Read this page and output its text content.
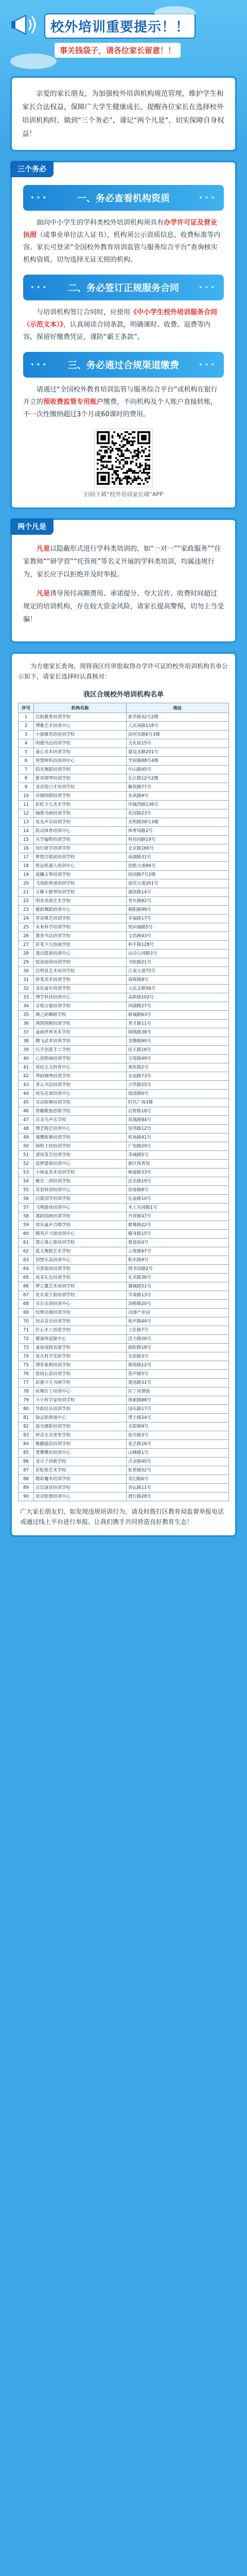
校外培训重要提示！！
事关钱袋子，请各位家长留意！！
亲爱的家长朋友，为加强校外培训机构规范管理，维护学生和家长合法权益，保障广大学生健康成长，提醒各位家长在选择校外培训机构时，做到“三个务必”，谨记“两个凡是”，切实保障自身权益！
三个务必
•••	一、务必查看机构资质	•••

面向中小学生的学科类校外培训机构须具有办学许可证及营业执照（或事业单位法人证书），机构须公示资质信息、收费标准等内容。家长可登录“全国校外教育培训监管与服务综合平台”查询核实机构资质，切勿选择无证无照的机构。

••• 二、务必签订正规服务合同	•••

与培训机构签订合同时，应使用《中小学生校外培训服务合同（示范文本）》，认真阅读合同条款，明确课时、收费、退费等内容，保留好缴费凭证，谨防“霸王条款”。

••• 三、务必通过合规渠道缴费	•••

请通过“全国校外教育培训监管与服务综合平台”或机构在银行开立的预收费监管专用账户缴费，不向机构及个人账户直接转账，不一次性缴纳超过3个月或60课时的费用。

扫码下载“校外培训家长端”APP
两个凡是

凡是以隐蔽形式进行学科类培训的，如“一对一”“家政服务”“住家教师”“研学营”“托管班”等名义开展的学科类培训，均属违规行为，家长应予以拒绝并及时举报。

凡是诱导预付高额费用、承诺提分、夸大宣传、收费时间超过规定的培训机构，存在较大资金风险，请家长提高警惕，切勿上当受骗！

为方便家长查询，现将我区经审批取得办学许可证的校外培训机构名单公示如下，请家长选择时认真核对：

我区合规校外培训机构名单
序号	机构名称	地址
1	启航教育培训学校	新华路32号2楼
2	博雅艺术培训中心	人民南路118号
3	小蜜蜂英语培训学校	滨河东路6号3楼
4	明德书法培训学校	文化街15号
5	童心美术培训学校	建设北路201号
6	智慧树科技培训中心	学府路88号4楼
7	阳光舞蹈培训学校	中山路45号
8	新星钢琴培训学校	长江路12号2楼
9	金话筒口才培训学校	解放路77号
10	卓越围棋培训学校	东风路9号
11	彩虹少儿美术学校	环城西路136号
12	翰墨书画培训学校	花园路23号
13	星光声乐培训学校	光明路58号3楼
14	跃动体育培训中心	体育场路2号
15	乐学编程培训学校	科技园路19号
16	知行研学培训学校	北京路160号
17	梦想合唱团培训学校	南湖路31号
18	致远机器人培训中心	创新大道66号
19	晨曦古筝培训学校	桂园路7号2楼
20	飞扬跆拳道培训学校	迎宾大道201号
21	天籁小提琴培训学校	湖滨路14号
22	明星表演艺术学校	青年路82号
23	雅韵舞蹈培训中心	朝阳路99号
24	青苗棋艺培训学校	幸福路17号
25	未来科学培训学校	知识城路5号
26	墨香书法培训学校	文昌路43号
27	彩笔少儿绘画学校	和平路128号
28	逸动篮球培训中心	运动公园路3号
29	悦读阅读培训学校	书院路21号
30	启明星艺术培训学校	江南大道75号
31	妙笔美术培训学校	春晖路8号
32	金色童年培训学校	人民北路56号
33	博学科技培训中心	高新路102号
34	音悦吉他培训学校	西湖路27号
35	舞之韵舞蹈学校	新城路63号
36	鸿鹄围棋培训学校	育才路11号
37	童画世界美术学校	锦绣路38号
38	腾飞武术培训学校	龙腾路90号
39	巧手创意手工学校	民主路16号
40	心语朗诵培训学校	文苑路49号
41	星辰天文科普中心	观星路2号
42	琴韵钢琴培训学校	友谊路73号
43	青云书法培训学校	兴华路25号
44	快乐足球培训中心	绿茵路6号
45	灵动街舞培训学校	时代广场3楼
46	智趣数独思维学校	启智路18号
47	百灵鸟声乐学校	凤凰路84号
48	博艺陶艺培训中心	窑湾路12号
49	雏鹰航模培训学校	机场路41号
50	锦程主持培训学校	广电路29号
51	清风茶艺培训学校	茶城路5号
52	追梦篮球培训中心	新区体育馆
53	小画家美术培训学校	桃源路33号
54	雅乐二胡培训学校	民乐路19号
55	奇思科创培训中心	创客路8号
56	启蒙国学培训学校	孔庙路10号
57	飞翔游泳培训中心	水上乐园路1号
58	墨韵国画培训学校	丹青路47号
59	欢乐童声合唱学校	歌舞路22号
60	精英乒乓球培训中心	健身路15号
61	慧心珠心算培训学校	算盘街4号
62	蓝天舞蹈艺术学校	云霄路67号
63	创想乐高培训中心	积木路9号
64	书香阅读培训学校	图书馆路2号
65	风采礼仪培训学校	礼宾路36号
66	梦之翼艺术培训学校	翼城路51号
67	优乐架子鼓培训学校	节奏路13号
68	卓尔击剑培训中心	剑桥路20号
69	绘梦动漫培训学校	动漫产业园
70	知音音乐培训学校	和声路44号
71	匠心木工创意学校	工匠路7号
72	健康体适能中心	活力路26号
73	童谣戏剧表演学校	剧院路18号
74	星火科学实验学校	实验路3号
75	博弈象棋培训学校	棋苑路12号
76	悠扬长笛培训学校	笛声路5号
77	彩墨少儿书画学校	墨池路31号
78	炫舞拉丁培训中心	拉丁风情街
79	小小科学家培训学校	探索路88号
80	华韵民乐培训学校	国乐路17号
81	励志跆拳道中心	勇士路24号
82	晨光摄影培训学校	光影路9号
83	妙音尤克里里学校	弦乐路3号
84	雅趣插花培训学校	花艺路16号
85	勇攀攀岩培训中心	山峰路1号
86	金点子创新学校	点金路40号
87	彩虹桥艺术学校	虹桥路52号
88	精彩魔术培训学校	奇幻路6号
89	自信演讲培训学校	讲坛路11号
90	欢动轮滑培训中心	滑行路28号

广大家长朋友们，如发现违规培训行为，请及时拨打区教育局监督举报电话或通过线上平台进行举报。让我们携手共同营造良好教育生态！
